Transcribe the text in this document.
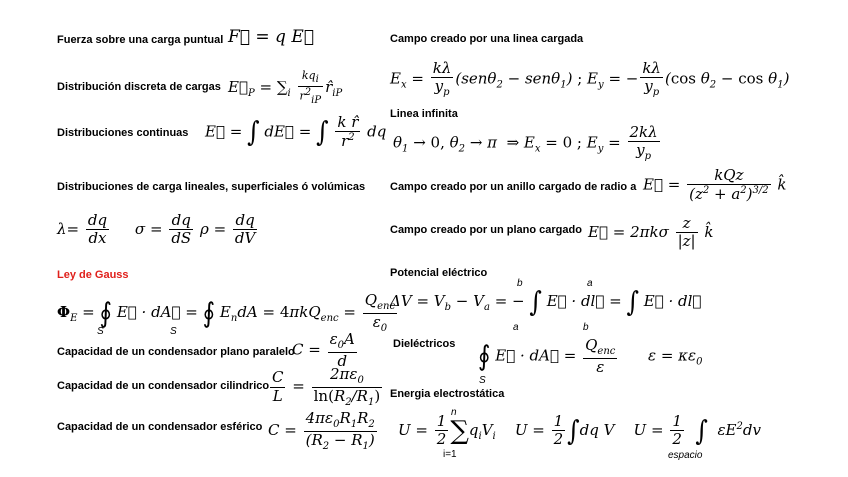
Fuerza sobre una carga puntual
Distribución discreta de cargas
Distribuciones continuas
Distribuciones de carga lineales, superficiales ó volúmicas
Ley de Gauss
Capacidad de un condensador plano paralelo
Capacidad de un condensador cilindrico
Capacidad de un condensador esférico
Campo creado por una linea cargada
Linea infinita
Campo creado por un anillo cargado de radio a
Campo creado por un plano cargado
Potencial eléctrico
Dieléctricos
Energia electrostática
F⃗ = q E⃗
$E⃗_P = \sum_i \frac{kq_i}{r^2_{iP}}$ $r̂_{iP}$
E⃗ = ∫ dE⃗ = ∫ $\frac{\text{k r̂}}{r^2}$ dq
$\lambda= \frac{dq}{dx}$ $\sigma = \frac{dq}{dS}$ $\rho = \frac{dq}{dV}$
$\Phi_E$ = ∮ E⃗ · dA⃗ = ∮ $E_ndA = 4\pi kQ_{enc} = \frac{Q_{enc}}{\varepsilon_0}$
S	S
$C = \frac{\varepsilon_0A}{d}$
$\frac{C}{L} = \frac{2\pi\varepsilon_0}{\ln(R_2/R_1)}$
$C = \frac{4\pi\varepsilon_0R_1R_2}{(R_2 - R_1)}$
$E_x = \frac{k\lambda}{y_p} (sen\theta_2 - sen\theta_1)$ ; $E_y$ = − $\frac{k\lambda}{y_p} (\cos$ $\theta_2 - \cos \theta_1$)
$\theta_1 \to 0$, $\theta_2 \to \pi$  ⇒ $E_x = 0$ ; $E_y = \frac{2k\lambda}{y_p}$
E⃗ = $\frac{\text{kQz}}{(z^2 + a^2)^{3/2}}$ k̂
E⃗ = $2\pi k\sigma \frac{z}{|z|}$ k̂
$\Delta V = V_b - V_a$ = − ∫ E⃗ · dl⃗ = ∫ E⃗ · dl⃗
b
a
a
b
∮ E⃗ · dA⃗ = $\frac{Q_{enc}}{\varepsilon}$ $\varepsilon = \kappa\varepsilon_0$
S
$U = \frac{1}{2} \sum q_iV_i$    $U = \frac{1}{2} \int dq$ V    $U = \frac{1}{2}$ ∫  $\varepsilon E^2dv$
n
i=1	espacio
